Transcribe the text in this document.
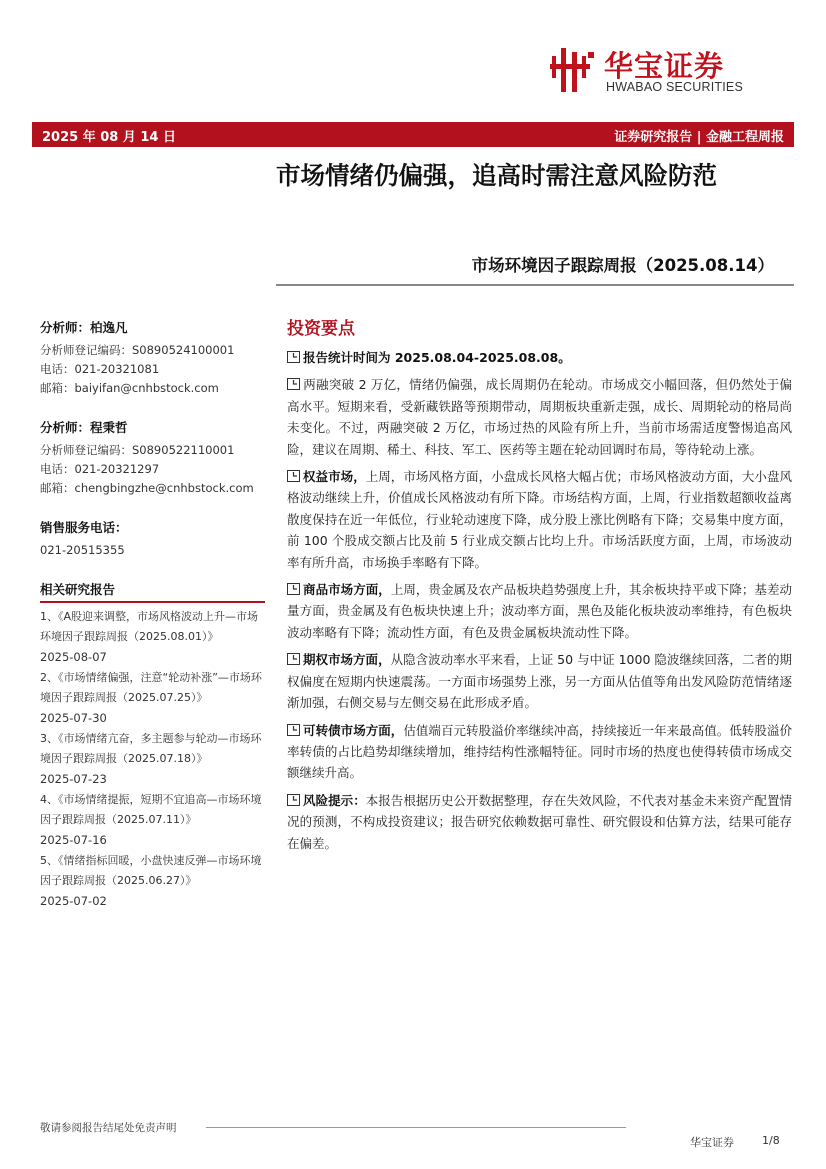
华宝证券
HWABAO SECURITIES
2025 年 08 月 14 日	证券研究报告 | 金融工程周报
市场情绪仍偏强，追高时需注意风险防范
市场环境因子跟踪周报（2025.08.14）
分析师：柏逸凡
分析师登记编码：S0890524100001
电话：021-20321081
邮箱：baiyifan@cnhbstock.com
分析师：程秉哲
分析师登记编码：S0890522110001
电话：021-20321297
邮箱：chengbingzhe@cnhbstock.com
销售服务电话：
021-20515355
相关研究报告
1、《A股迎来调整，市场风格波动上升—市场环境因子跟踪周报（2025.08.01）》
2025-08-07
2、《市场情绪偏强，注意“轮动补涨”—市场环境因子跟踪周报（2025.07.25）》
2025-07-30
3、《市场情绪亢奋，多主题参与轮动—市场环境因子跟踪周报（2025.07.18）》
2025-07-23
4、《市场情绪提振，短期不宜追高—市场环境因子跟踪周报（2025.07.11）》
2025-07-16
5、《情绪指标回暖，小盘快速反弹—市场环境因子跟踪周报（2025.06.27）》
2025-07-02
投资要点

报告统计时间为 2025.08.04-2025.08.08。

两融突破 2 万亿，情绪仍偏强，成长周期仍在轮动。市场成交小幅回落，但仍然处于偏高水平。短期来看，受新藏铁路等预期带动，周期板块重新走强，成长、周期轮动的格局尚未变化。不过，两融突破 2 万亿，市场过热的风险有所上升，当前市场需适度警惕追高风险，建议在周期、稀土、科技、军工、医药等主题在轮动回调时布局，等待轮动上涨。

权益市场，上周，市场风格方面，小盘成长风格大幅占优；市场风格波动方面，大小盘风格波动继续上升，价值成长风格波动有所下降。市场结构方面，上周，行业指数超额收益离散度保持在近一年低位，行业轮动速度下降，成分股上涨比例略有下降；交易集中度方面，前 100 个股成交额占比及前 5 行业成交额占比均上升。市场活跃度方面，上周，市场波动率有所升高，市场换手率略有下降。

商品市场方面，上周，贵金属及农产品板块趋势强度上升，其余板块持平或下降；基差动量方面，贵金属及有色板块快速上升；波动率方面，黑色及能化板块波动率维持，有色板块波动率略有下降；流动性方面，有色及贵金属板块流动性下降。

期权市场方面，从隐含波动率水平来看，上证 50 与中证 1000 隐波继续回落，二者的期权偏度在短期内快速震荡。一方面市场强势上涨，另一方面从估值等角出发风险防范情绪逐渐加强，右侧交易与左侧交易在此形成矛盾。

可转债市场方面，估值端百元转股溢价率继续冲高，持续接近一年来最高值。低转股溢价率转债的占比趋势却继续增加，维持结构性涨幅特征。同时市场的热度也使得转债市场成交额继续升高。

风险提示：本报告根据历史公开数据整理，存在失效风险，不代表对基金未来资产配置情况的预测，不构成投资建议；报告研究依赖数据可靠性、研究假设和估算方法，结果可能存在偏差。

敬请参阅报告结尾处免责声明
华宝证券	1/8
